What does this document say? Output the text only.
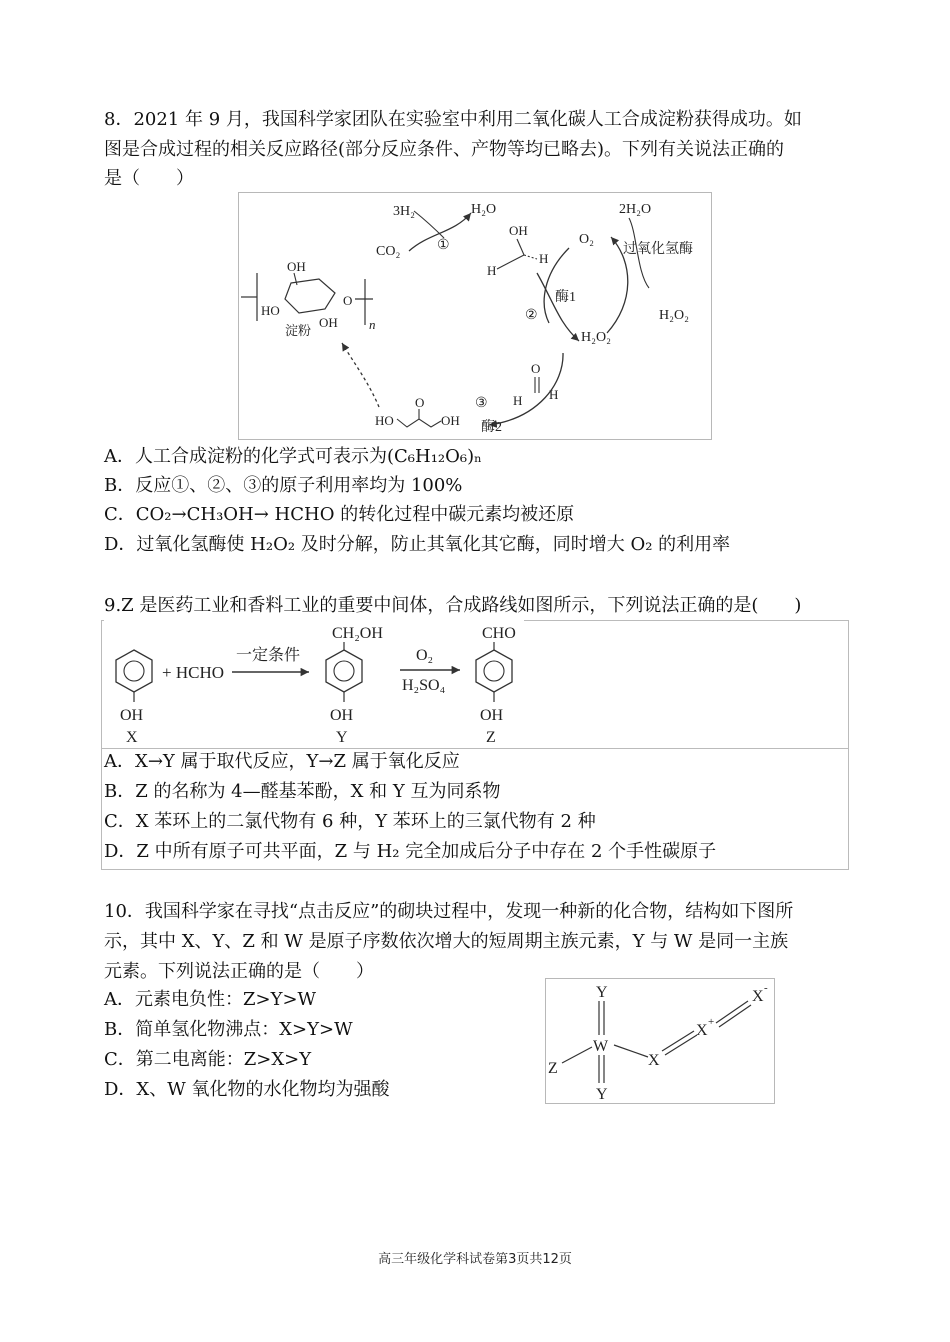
8．2021 年 9 月，我国科学家团队在实验室中利用二氧化碳人工合成淀粉获得成功。如
图是合成过程的相关反应路径(部分反应条件、产物等均已略去)。下列有关说法正确的
是（　　）
3H₂	H₂O
CO₂	①
OH
H
H
O₂
酶1
②
H₂O₂
2H₂O
过氧化氢酶
H₂O₂
OH
HO
OH
O
淀粉	n
O
H H
③
酶2
HO
O
OH
A．人工合成淀粉的化学式可表示为(C₆H₁₂O₆)ₙ
B．反应①、②、③的原子利用率均为 100%
C．CO₂→CH₃OH→ HCHO 的转化过程中碳元素均被还原
D．过氧化氢酶使 H₂O₂ 及时分解，防止其氧化其它酶，同时增大 O₂ 的利用率
9.Z 是医药工业和香料工业的重要中间体，合成路线如图所示，下列说法正确的是(　　)
OH
X
+ HCHO
一定条件
CH₂OH
OH
Y
O₂
H₂SO₄
CHO
OH
Z
A．X→Y 属于取代反应，Y→Z 属于氧化反应
B．Z 的名称为 4—醛基苯酚，X 和 Y 互为同系物
C．X 苯环上的二氯代物有 6 种，Y 苯环上的三氯代物有 2 种
D．Z 中所有原子可共平面，Z 与 H₂ 完全加成后分子中存在 2 个手性碳原子
10．我国科学家在寻找“点击反应”的砌块过程中，发现一种新的化合物，结构如下图所
示，其中 X、Y、Z 和 W 是原子序数依次增大的短周期主族元素，Y 与 W 是同一主族
元素。下列说法正确的是（　　）
A．元素电负性：Z>Y>W
B．简单氢化物沸点：X>Y>W
C．第二电离能：Z>X>Y
D．X、W 氧化物的水化物均为强酸
Y
W
Y
Z	X
X +
X -
高三年级化学科试卷第3页共12页
